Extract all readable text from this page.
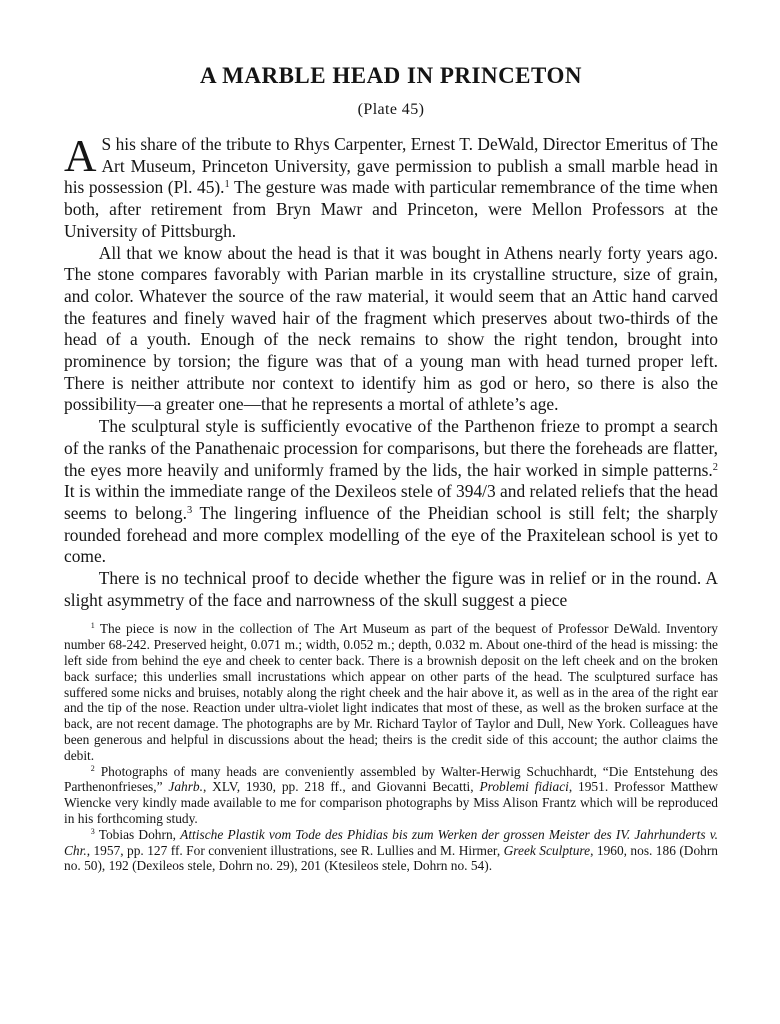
A MARBLE HEAD IN PRINCETON
(Plate 45)

A S his share of the tribute to Rhys Carpenter, Ernest T. DeWald, Director Emeritus of The Art Museum, Princeton University, gave permission to publish a small marble head in his possession (Pl. 45).$^1$ The gesture was made with particular remembrance of the time when both, after retirement from Bryn Mawr and Princeton, were Mellon Professors at the University of Pittsburgh.

All that we know about the head is that it was bought in Athens nearly forty years ago. The stone compares favorably with Parian marble in its crystalline structure, size of grain, and color. Whatever the source of the raw material, it would seem that an Attic hand carved the features and finely waved hair of the fragment which preserves about two-thirds of the head of a youth. Enough of the neck remains to show the right tendon, brought into prominence by torsion; the figure was that of a young man with head turned proper left. There is neither attribute nor context to identify him as god or hero, so there is also the possibility—a greater one—that he represents a mortal of athlete’s age.

The sculptural style is sufficiently evocative of the Parthenon frieze to prompt a search of the ranks of the Panathenaic procession for comparisons, but there the foreheads are flatter, the eyes more heavily and uniformly framed by the lids, the hair worked in simple patterns.$^2$ It is within the immediate range of the Dexileos stele of 394/3 and related reliefs that the head seems to belong.$^3$ The lingering influence of the Pheidian school is still felt; the sharply rounded forehead and more complex modelling of the eye of the Praxitelean school is yet to come.

There is no technical proof to decide whether the figure was in relief or in the round. A slight asymmetry of the face and narrowness of the skull suggest a piece

$^1$ The piece is now in the collection of The Art Museum as part of the bequest of Professor DeWald. Inventory number 68-242. Preserved height, 0.071 m.; width, 0.052 m.; depth, 0.032 m. About one-third of the head is missing: the left side from behind the eye and cheek to center back. There is a brownish deposit on the left cheek and on the broken back surface; this underlies small incrustations which appear on other parts of the head. The sculptured surface has suffered some nicks and bruises, notably along the right cheek and the hair above it, as well as in the area of the right ear and the tip of the nose. Reaction under ultra-violet light indicates that most of these, as well as the broken surface at the back, are not recent damage. The photographs are by Mr. Richard Taylor of Taylor and Dull, New York. Colleagues have been generous and helpful in discussions about the head; theirs is the credit side of this account; the author claims the debit.

$^2$ Photographs of many heads are conveniently assembled by Walter-Herwig Schuchhardt, “Die Entstehung des Parthenonfrieses,” Jahrb., XLV, 1930, pp. 218 ff., and Giovanni Becatti, Problemi fidiaci, 1951. Professor Matthew Wiencke very kindly made available to me for comparison photographs by Miss Alison Frantz which will be reproduced in his forthcoming study.

$^3$ Tobias Dohrn, Attische Plastik vom Tode des Phidias bis zum Werken der grossen Meister des IV. Jahrhunderts v. Chr., 1957, pp. 127 ff. For convenient illustrations, see R. Lullies and M. Hirmer, Greek Sculpture, 1960, nos. 186 (Dohrn no. 50), 192 (Dexileos stele, Dohrn no. 29), 201 (Ktesileos stele, Dohrn no. 54).
